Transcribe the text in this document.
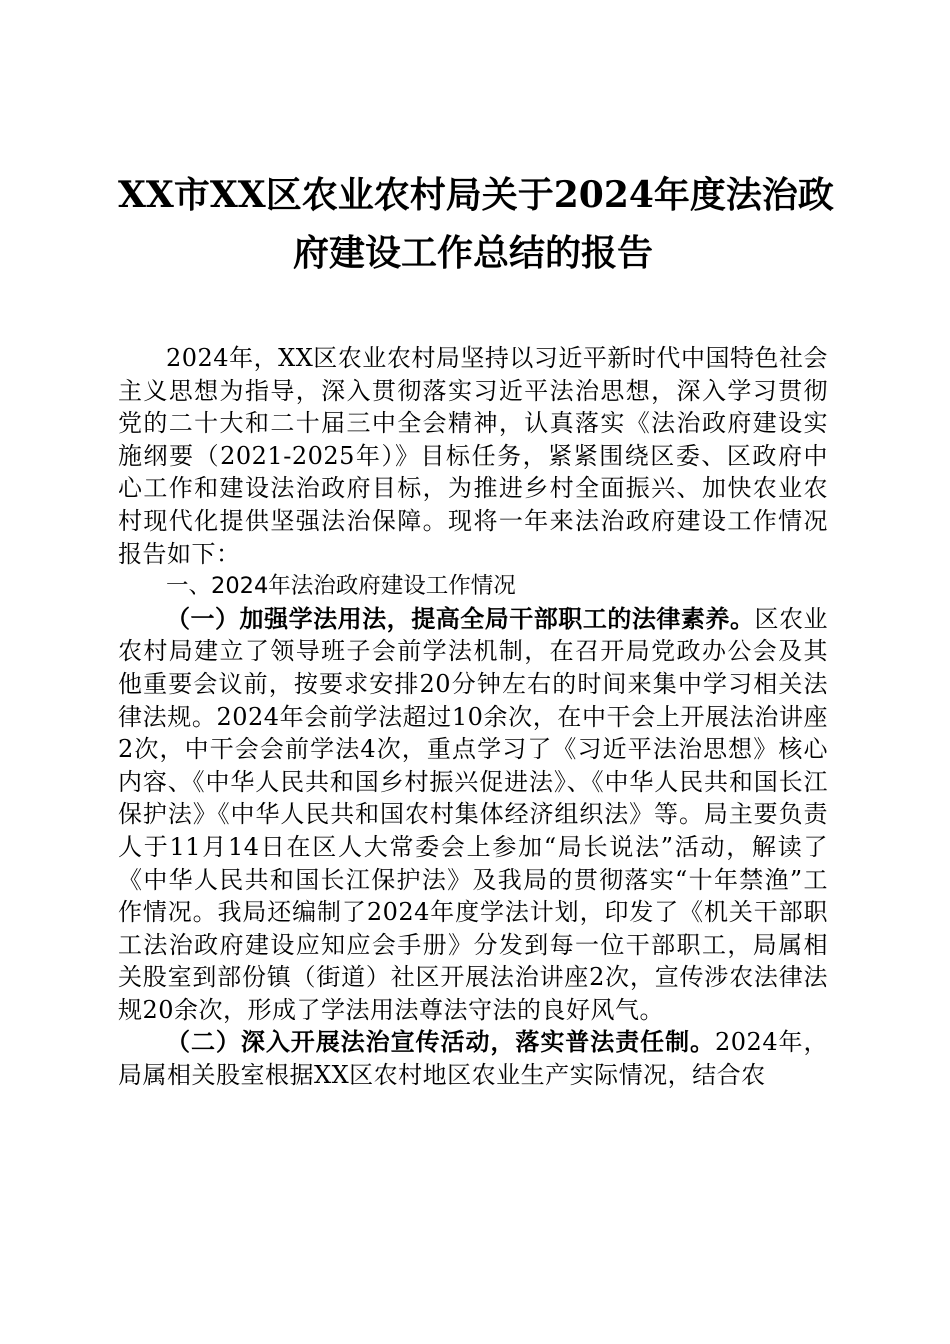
XX市XX区农业农村局关于2024年度法治政
府建设工作总结的报告

2024年，XX区农业农村局坚持以习近平新时代中国特色社会主义思想为指导，深入贯彻落实习近平法治思想，深入学习贯彻党的二十大和二十届三中全会精神，认真落实《法治政府建设实施纲要（2021-2025年）》目标任务，紧紧围绕区委、区政府中心工作和建设法治政府目标，为推进乡村全面振兴、加快农业农村现代化提供坚强法治保障。现将一年来法治政府建设工作情况报告如下：

一、2024年法治政府建设工作情况

（一）加强学法用法，提高全局干部职工的法律素养。区农业农村局建立了领导班子会前学法机制，在召开局党政办公会及其他重要会议前，按要求安排20分钟左右的时间来集中学习相关法律法规。2024年会前学法超过10余次，在中干会上开展法治讲座2次，中干会会前学法4次，重点学习了《习近平法治思想》核心内容、《中华人民共和国乡村振兴促进法》、《中华人民共和国长江保护法》《中华人民共和国农村集体经济组织法》等。局主要负责人于11月14日在区人大常委会上参加“局长说法”活动，解读了《中华人民共和国长江保护法》及我局的贯彻落实“十年禁渔”工作情况。我局还编制了2024年度学法计划，印发了《机关干部职工法治政府建设应知应会手册》分发到每一位干部职工，局属相关股室到部份镇（街道）社区开展法治讲座2次，宣传涉农法律法规20余次，形成了学法用法尊法守法的良好风气。

（二）深入开展法治宣传活动，落实普法责任制。2024年，局属相关股室根据XX区农村地区农业生产实际情况，结合农
